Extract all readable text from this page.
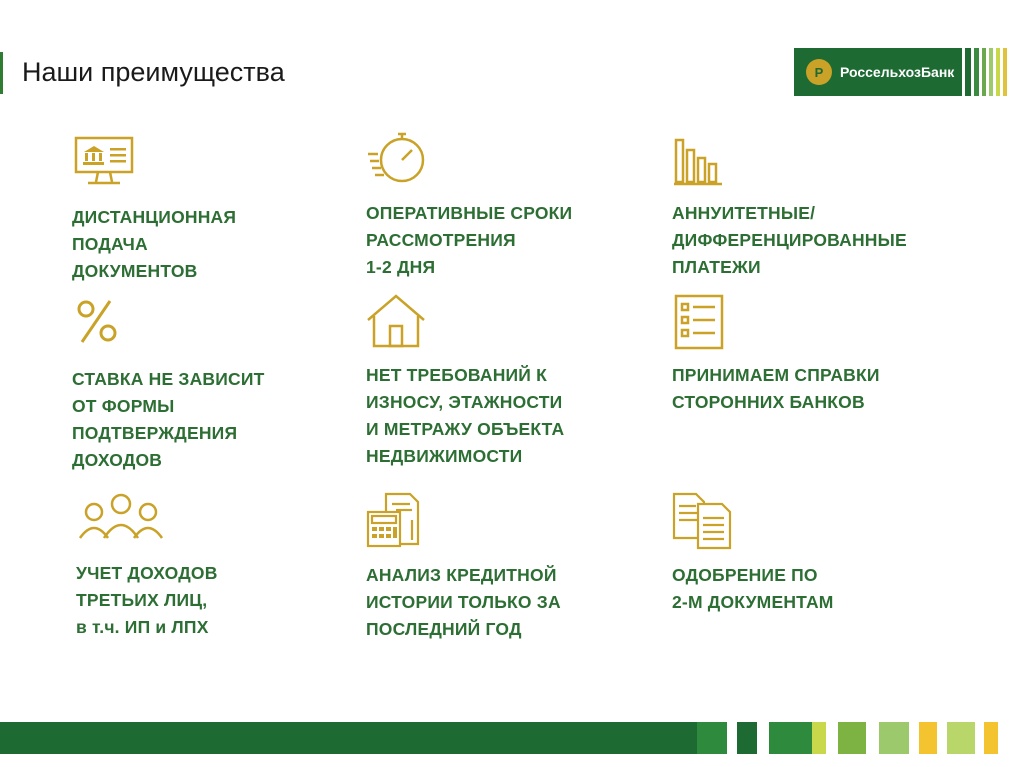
Наши преимущества	Р	РоссельхозБанк
ДИСТАНЦИОННАЯ
ПОДАЧА
ДОКУМЕНТОВ
ОПЕРАТИВНЫЕ СРОКИ
РАССМОТРЕНИЯ
1-2 ДНЯ
АННУИТЕТНЫЕ/
ДИФФЕРЕНЦИРОВАННЫЕ
ПЛАТЕЖИ
СТАВКА НЕ ЗАВИСИТ
ОТ ФОРМЫ
ПОДТВЕРЖДЕНИЯ
ДОХОДОВ
НЕТ ТРЕБОВАНИЙ К
ИЗНОСУ, ЭТАЖНОСТИ
И МЕТРАЖУ ОБЪЕКТА
НЕДВИЖИМОСТИ
ПРИНИМАЕМ СПРАВКИ
СТОРОННИХ БАНКОВ
УЧЕТ ДОХОДОВ
ТРЕТЬИХ ЛИЦ,
в т.ч. ИП и ЛПХ
АНАЛИЗ КРЕДИТНОЙ
ИСТОРИИ ТОЛЬКО ЗА
ПОСЛЕДНИЙ ГОД
ОДОБРЕНИЕ ПО
2-М ДОКУМЕНТАМ
